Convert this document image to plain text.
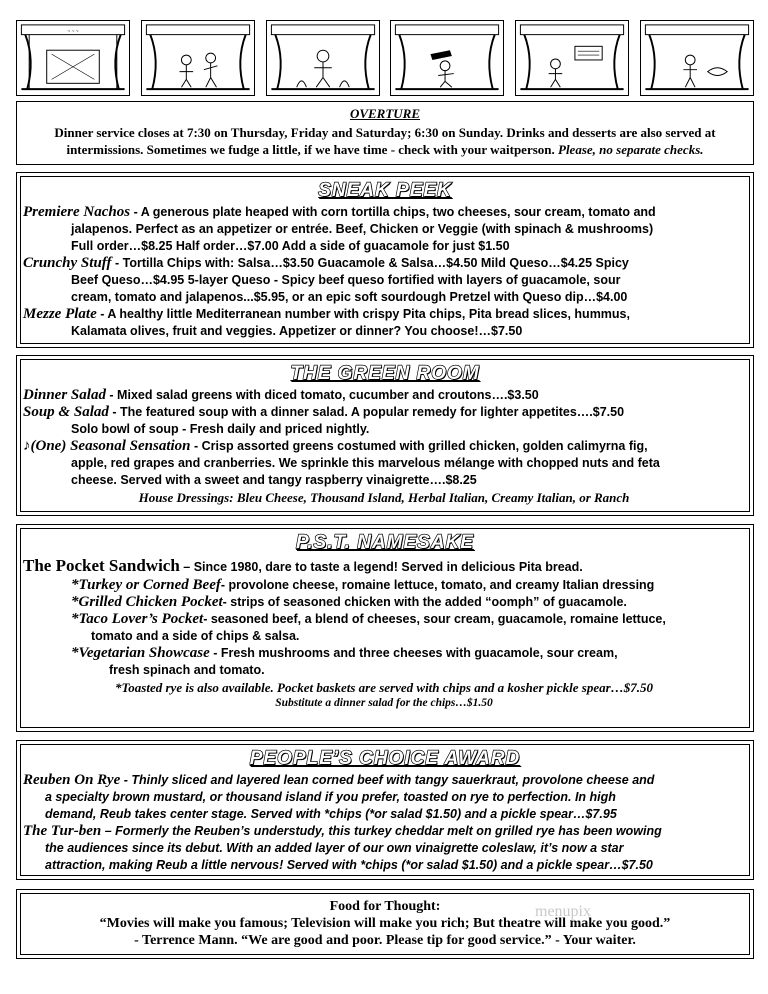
~ ~ ~
OVERTURE
Dinner service closes at 7:30 on Thursday, Friday and Saturday; 6:30 on Sunday. Drinks and desserts are also served at intermissions. Sometimes we fudge a little, if we have time - check with your waitperson. Please, no separate checks.
SNEAK PEEK
Premiere Nachos - A generous plate heaped with corn tortilla chips, two cheeses, sour cream, tomato and
jalapenos. Perfect as an appetizer or entrée. Beef, Chicken or Veggie (with spinach & mushrooms)
Full order…$8.25 Half order…$7.00 Add a side of guacamole for just $1.50
Crunchy Stuff - Tortilla Chips with: Salsa…$3.50 Guacamole & Salsa…$4.50 Mild Queso…$4.25 Spicy
Beef Queso…$4.95 5-layer Queso - Spicy beef queso fortified with layers of guacamole, sour
cream, tomato and jalapenos...$5.95, or an epic soft sourdough Pretzel with Queso dip…$4.00
Mezze Plate - A healthy little Mediterranean number with crispy Pita chips, Pita bread slices, hummus,
Kalamata olives, fruit and veggies. Appetizer or dinner? You choose!…$7.50
THE GREEN ROOM
Dinner Salad - Mixed salad greens with diced tomato, cucumber and croutons….$3.50
Soup & Salad - The featured soup with a dinner salad. A popular remedy for lighter appetites….$7.50
Solo bowl of soup - Fresh daily and priced nightly.
♪(One) Seasonal Sensation - Crisp assorted greens costumed with grilled chicken, golden calimyrna fig,
apple, red grapes and cranberries. We sprinkle this marvelous mélange with chopped nuts and feta
cheese. Served with a sweet and tangy raspberry vinaigrette….$8.25
House Dressings: Bleu Cheese, Thousand Island, Herbal Italian, Creamy Italian, or Ranch
P.S.T. NAMESAKE
The Pocket Sandwich – Since 1980, dare to taste a legend! Served in delicious Pita bread.
*Turkey or Corned Beef- provolone cheese, romaine lettuce, tomato, and creamy Italian dressing
*Grilled Chicken Pocket- strips of seasoned chicken with the added “oomph” of guacamole.
*Taco Lover’s Pocket- seasoned beef, a blend of cheeses, sour cream, guacamole, romaine lettuce,
tomato and a side of chips & salsa.
*Vegetarian Showcase - Fresh mushrooms and three cheeses with guacamole, sour cream,
fresh spinach and tomato.
*Toasted rye is also available. Pocket baskets are served with chips and a kosher pickle spear…$7.50
Substitute a dinner salad for the chips…$1.50
PEOPLE’S CHOICE AWARD
Reuben On Rye - Thinly sliced and layered lean corned beef with tangy sauerkraut, provolone cheese and
a specialty brown mustard, or thousand island if you prefer, toasted on rye to perfection. In high
demand, Reub takes center stage. Served with *chips (*or salad $1.50) and a pickle spear…$7.95
The Tur-ben – Formerly the Reuben’s understudy, this turkey cheddar melt on grilled rye has been wowing
the audiences since its debut. With an added layer of our own vinaigrette coleslaw, it’s now a star
attraction, making Reub a little nervous! Served with *chips (*or salad $1.50) and a pickle spear…$7.50
Food for Thought:
“Movies will make you famous; Television will make you rich; But theatre will make you good.”
- Terrence Mann. “We are good and poor. Please tip for good service.” - Your waiter.
menupix
